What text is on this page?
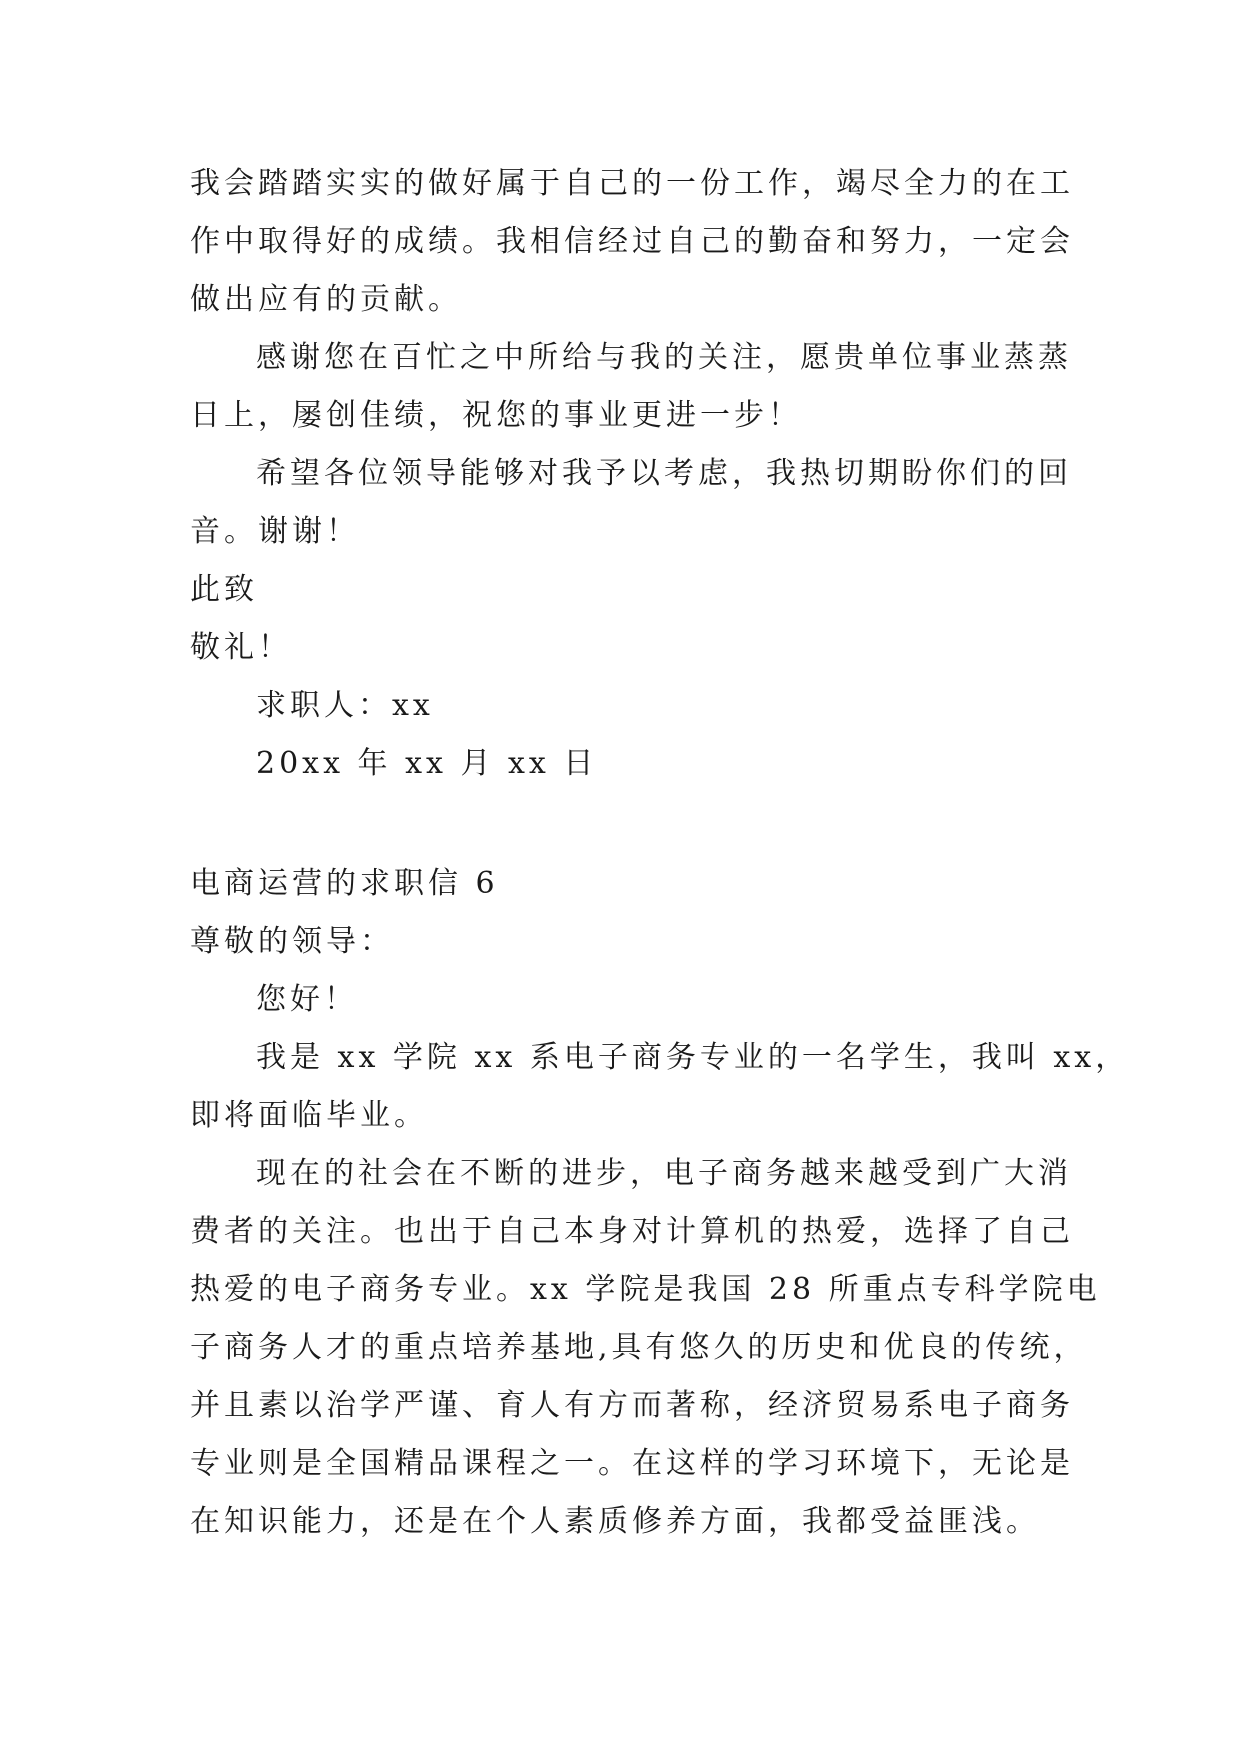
我会踏踏实实的做好属于自己的一份工作，竭尽全力的在工
作中取得好的成绩。我相信经过自己的勤奋和努力，一定会
做出应有的贡献。
感谢您在百忙之中所给与我的关注，愿贵单位事业蒸蒸
日上，屡创佳绩，祝您的事业更进一步！
希望各位领导能够对我予以考虑，我热切期盼你们的回
音。谢谢！
此致
敬礼！
求职人：xx
20xx 年 xx 月 xx 日
电商运营的求职信 6
尊敬的领导：
您好！
我是 xx 学院 xx 系电子商务专业的一名学生，我叫 xx，
即将面临毕业。
现在的社会在不断的进步，电子商务越来越受到广大消
费者的关注。也出于自己本身对计算机的热爱，选择了自己
热爱的电子商务专业。xx 学院是我国 28 所重点专科学院电
子商务人才的重点培养基地,具有悠久的历史和优良的传统，
并且素以治学严谨、育人有方而著称，经济贸易系电子商务
专业则是全国精品课程之一。在这样的学习环境下，无论是
在知识能力，还是在个人素质修养方面，我都受益匪浅。
